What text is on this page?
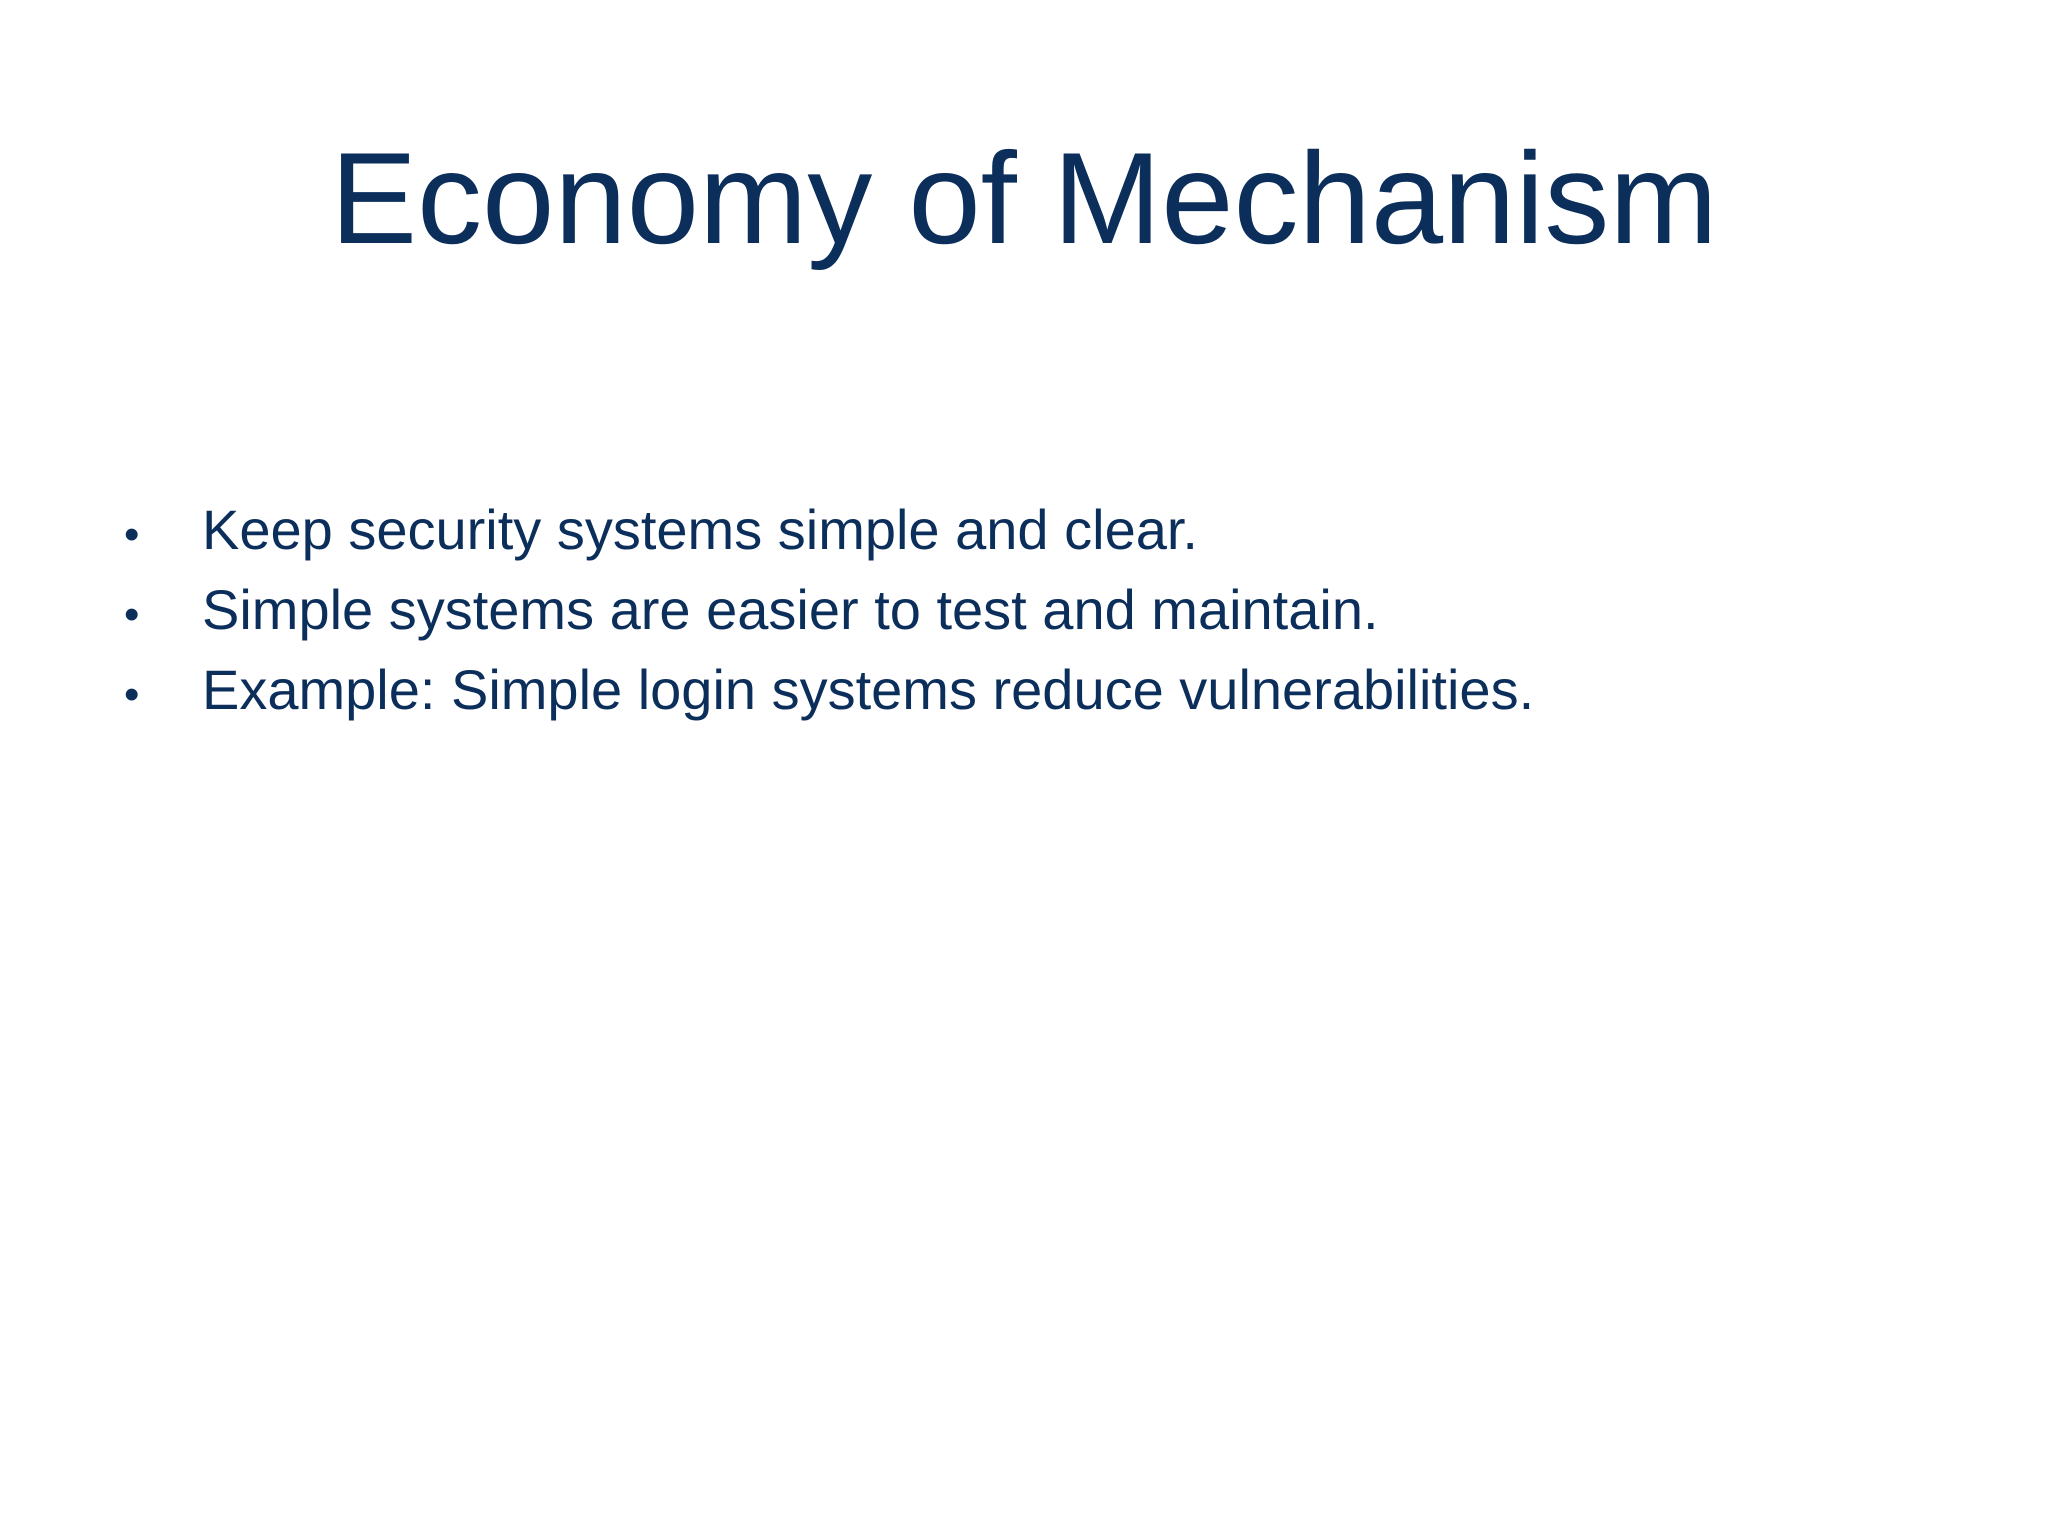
Economy of Mechanism
•	Keep security systems simple and clear.
•	Simple systems are easier to test and maintain.
•	Example: Simple login systems reduce vulnerabilities.
